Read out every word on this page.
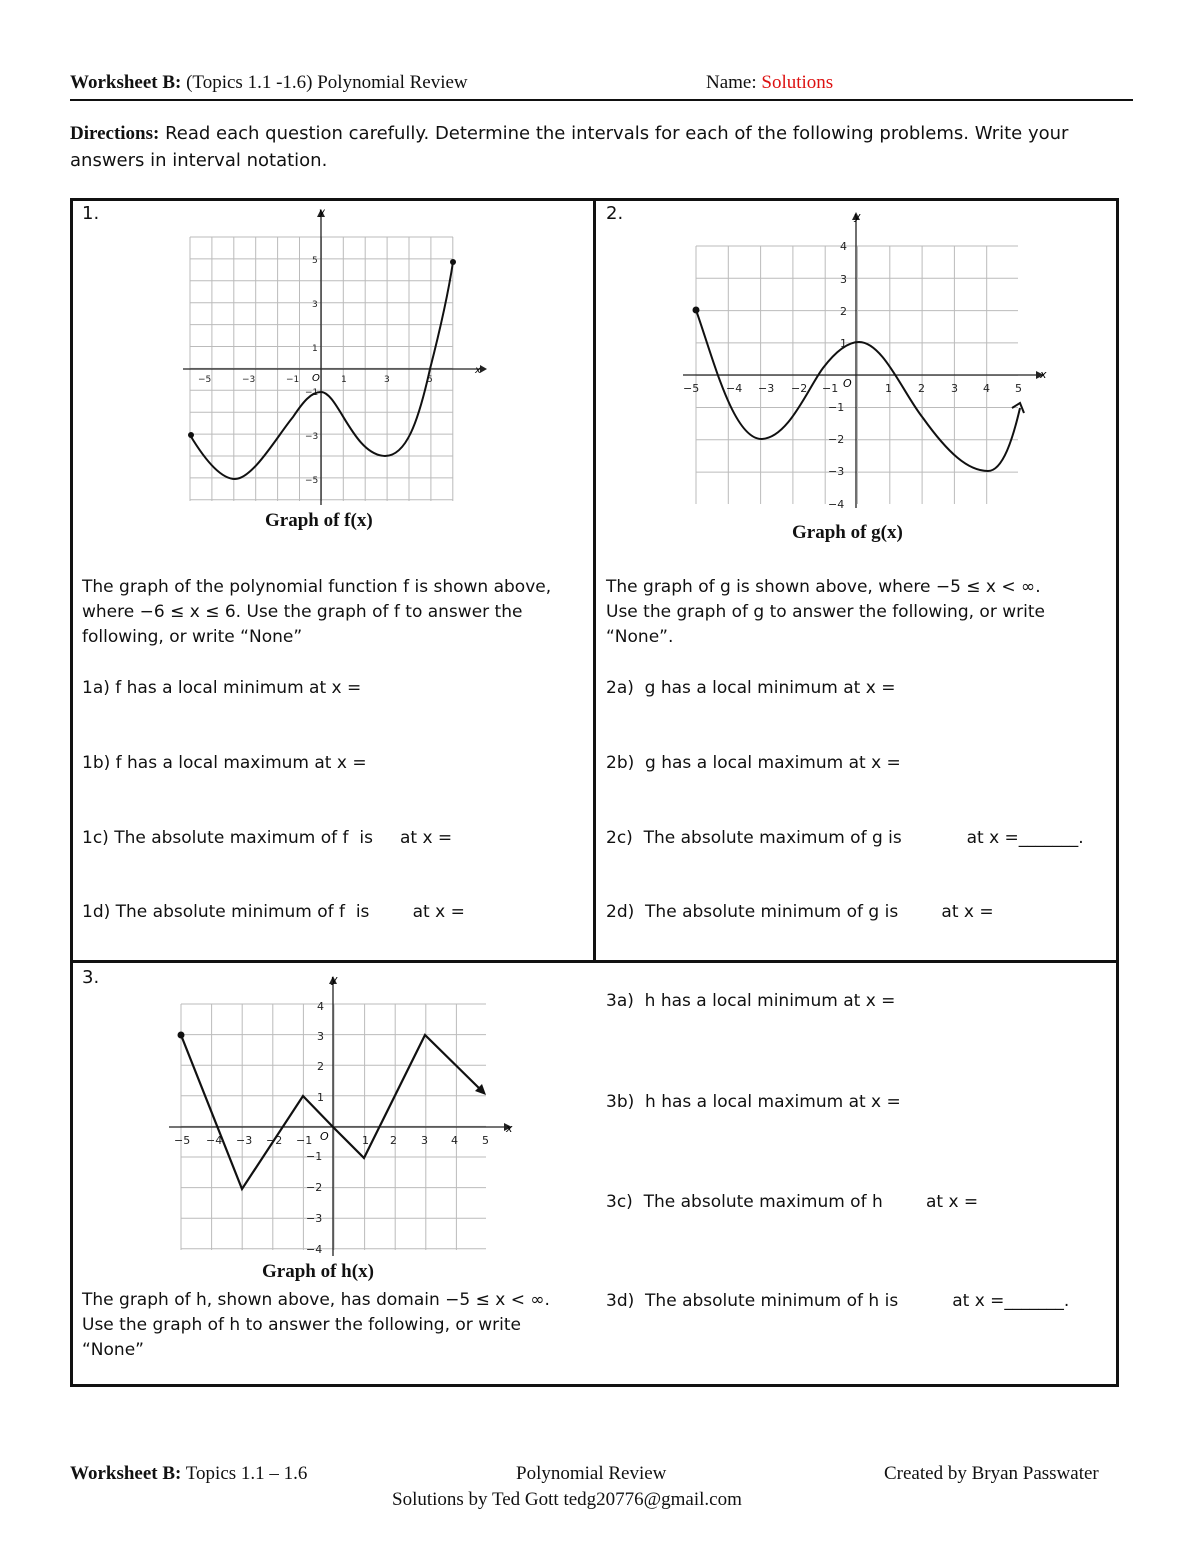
Worksheet B: (Topics 1.1 -1.6) Polynomial Review	Name: Solutions
Directions: Read each question carefully. Determine the intervals for each of the following problems. Write your answers in interval notation.
1.	y
x
O
−5	−3	−1	1	3	5
5
3
1
−1
−3
−5
Graph of f(x)
The graph of the polynomial function f is shown above,
where −6 ≤ x ≤ 6. Use the graph of f to answer the
following, or write “None”
1a) f has a local minimum at x =
1b) f has a local maximum at x =
1c) The absolute maximum of f  is     at x =
1d) The absolute minimum of f  is        at x =
2.	y
x
O
−5 −4 −3 −2 −1	1 2 3 4 5
4
3
2
1
−1
−2
−3
−4
Graph of g(x)
The graph of g is shown above, where −5 ≤ x < ∞.
Use the graph of g to answer the following, or write
“None”.
2a)  g has a local minimum at x =
2b)  g has a local maximum at x =
2c)  The absolute maximum of g is            at x =_______.
2d)  The absolute minimum of g is        at x =
3.	y
x
O
−5 −4 −3 −2 −1	1 2 3 4 5
4
3
2
1
−1
−2
−3
−4
Graph of h(x)
The graph of h, shown above, has domain −5 ≤ x < ∞.
Use the graph of h to answer the following, or write
“None”
3a)  h has a local minimum at x =
3b)  h has a local maximum at x =
3c)  The absolute maximum of h        at x =
3d)  The absolute minimum of h is          at x =_______.
Worksheet B: Topics 1.1 – 1.6	Polynomial Review	Created by Bryan Passwater
Solutions by Ted Gott tedg20776@gmail.com
